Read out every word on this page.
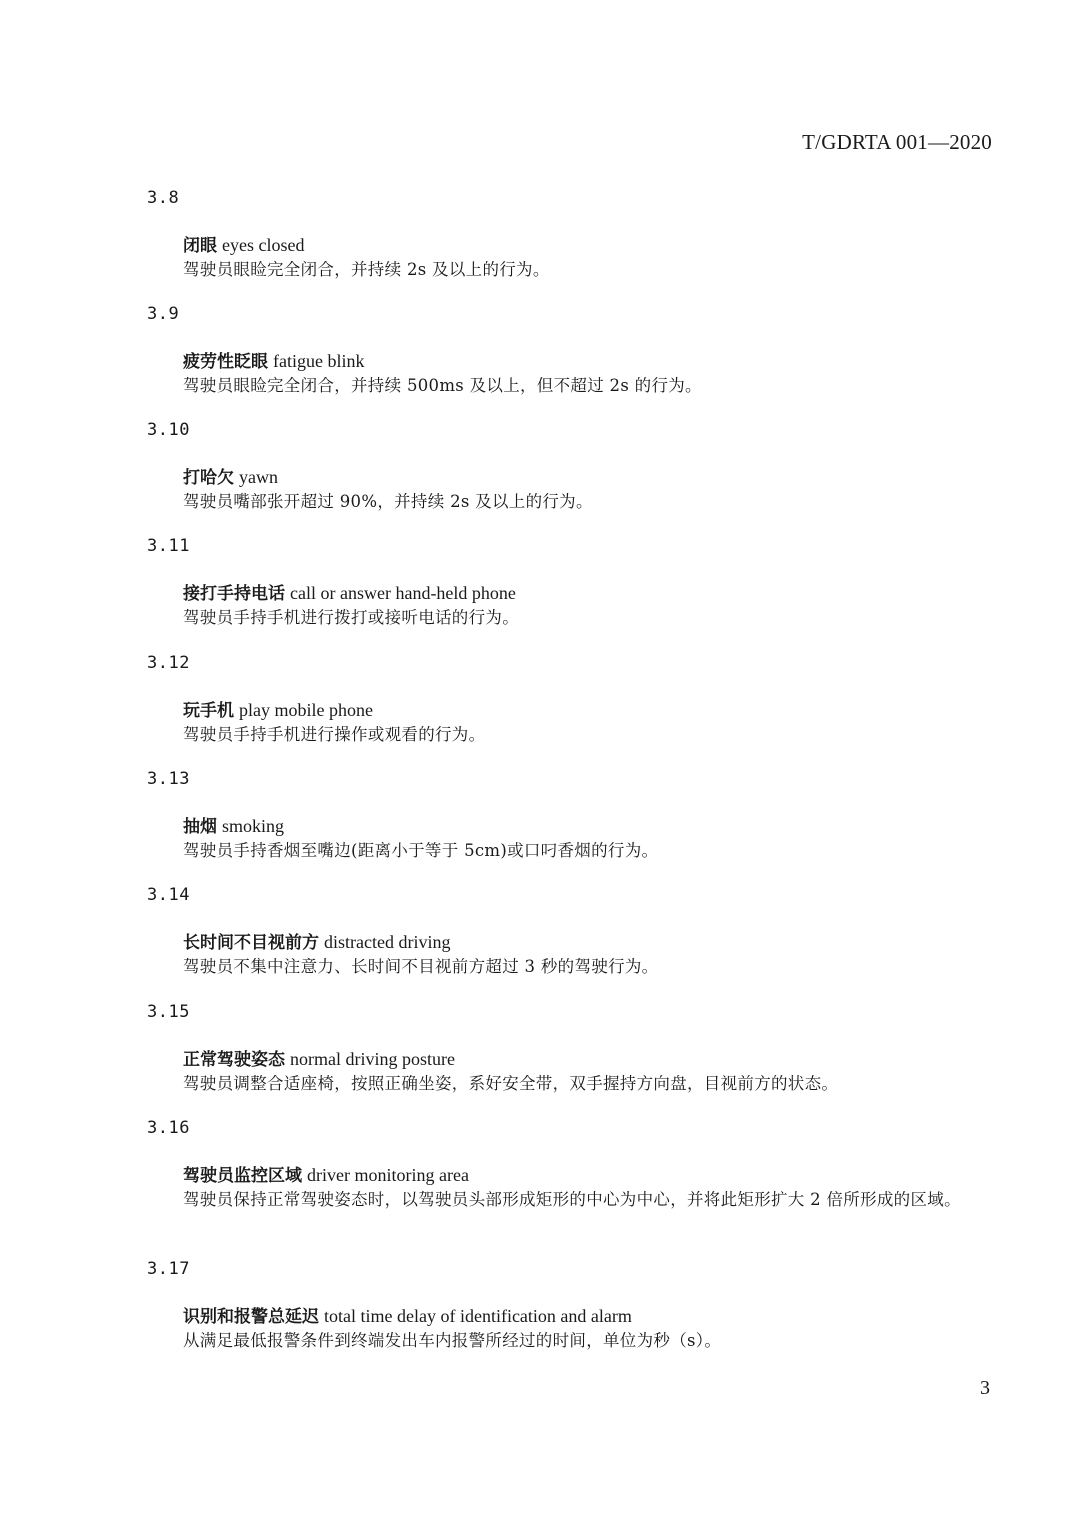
T/GDRTA 001—2020
3.8
闭眼 eyes closed
驾驶员眼睑完全闭合，并持续 2s 及以上的行为。
3.9
疲劳性眨眼 fatigue blink
驾驶员眼睑完全闭合，并持续 500ms 及以上，但不超过 2s 的行为。
3.10
打哈欠 yawn
驾驶员嘴部张开超过 90%，并持续 2s 及以上的行为。
3.11
接打手持电话 call or answer hand-held phone
驾驶员手持手机进行拨打或接听电话的行为。
3.12
玩手机 play mobile phone
驾驶员手持手机进行操作或观看的行为。
3.13
抽烟 smoking
驾驶员手持香烟至嘴边(距离小于等于 5cm)或口叼香烟的行为。
3.14
长时间不目视前方 distracted driving
驾驶员不集中注意力、长时间不目视前方超过 3 秒的驾驶行为。
3.15
正常驾驶姿态 normal driving posture
驾驶员调整合适座椅，按照正确坐姿，系好安全带，双手握持方向盘，目视前方的状态。
3.16
驾驶员监控区域 driver monitoring area
驾驶员保持正常驾驶姿态时，以驾驶员头部形成矩形的中心为中心，并将此矩形扩大 2 倍所形成的区域。
3.17
识别和报警总延迟 total time delay of identification and alarm
从满足最低报警条件到终端发出车内报警所经过的时间，单位为秒（s）。
3
